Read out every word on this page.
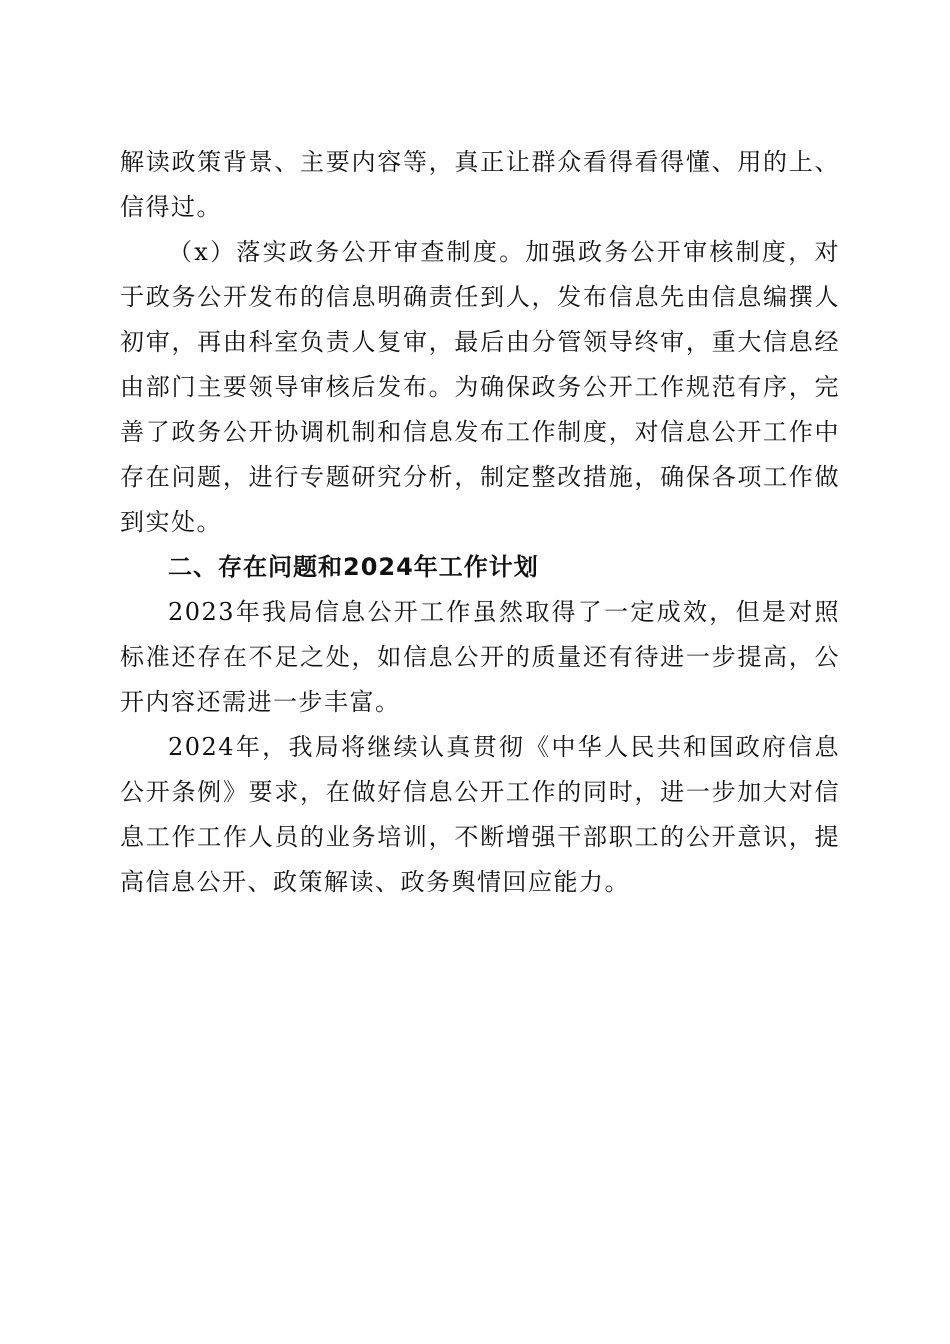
解读政策背景、主要内容等，真正让群众看得看得懂、用的上、信得过。

（x）落实政务公开审查制度。加强政务公开审核制度，对于政务公开发布的信息明确责任到人，发布信息先由信息编撰人初审，再由科室负责人复审，最后由分管领导终审，重大信息经由部门主要领导审核后发布。为确保政务公开工作规范有序，完善了政务公开协调机制和信息发布工作制度，对信息公开工作中存在问题，进行专题研究分析，制定整改措施，确保各项工作做到实处。

二、存在问题和2024年工作计划

2023年我局信息公开工作虽然取得了一定成效，但是对照标准还存在不足之处，如信息公开的质量还有待进一步提高，公开内容还需进一步丰富。

2024年，我局将继续认真贯彻《中华人民共和国政府信息公开条例》要求，在做好信息公开工作的同时，进一步加大对信息工作工作人员的业务培训，不断增强干部职工的公开意识，提高信息公开、政策解读、政务舆情回应能力。
